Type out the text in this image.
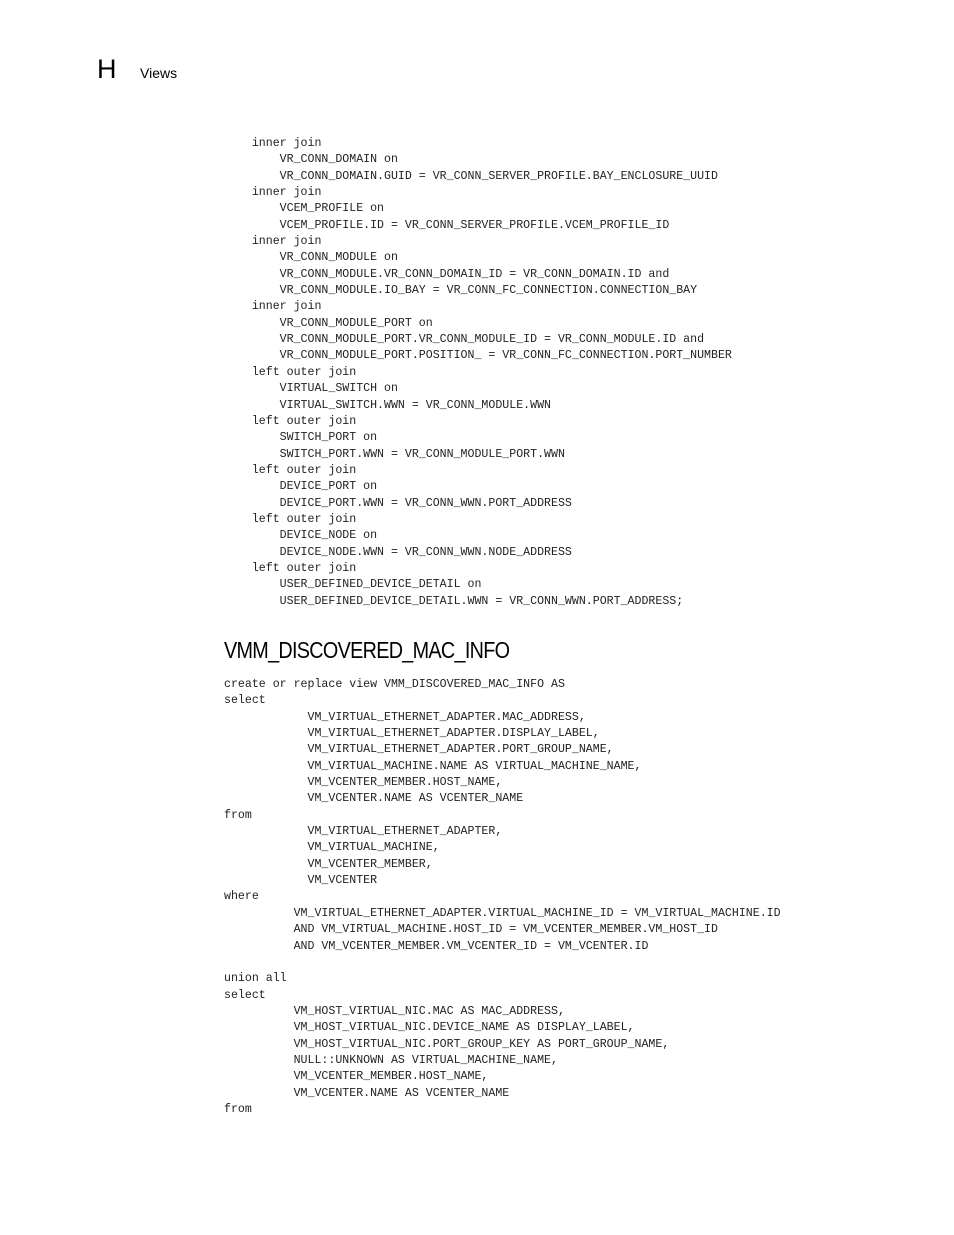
H Views
inner join
VR_CONN_DOMAIN on
VR_CONN_DOMAIN.GUID = VR_CONN_SERVER_PROFILE.BAY_ENCLOSURE_UUID
inner join
VCEM_PROFILE on
VCEM_PROFILE.ID = VR_CONN_SERVER_PROFILE.VCEM_PROFILE_ID
inner join
VR_CONN_MODULE on
VR_CONN_MODULE.VR_CONN_DOMAIN_ID = VR_CONN_DOMAIN.ID and
VR_CONN_MODULE.IO_BAY = VR_CONN_FC_CONNECTION.CONNECTION_BAY
inner join
VR_CONN_MODULE_PORT on
VR_CONN_MODULE_PORT.VR_CONN_MODULE_ID = VR_CONN_MODULE.ID and
VR_CONN_MODULE_PORT.POSITION_ = VR_CONN_FC_CONNECTION.PORT_NUMBER
left outer join
VIRTUAL_SWITCH on
VIRTUAL_SWITCH.WWN = VR_CONN_MODULE.WWN
left outer join
SWITCH_PORT on
SWITCH_PORT.WWN = VR_CONN_MODULE_PORT.WWN
left outer join
DEVICE_PORT on
DEVICE_PORT.WWN = VR_CONN_WWN.PORT_ADDRESS
left outer join
DEVICE_NODE on
DEVICE_NODE.WWN = VR_CONN_WWN.NODE_ADDRESS
left outer join
USER_DEFINED_DEVICE_DETAIL on
USER_DEFINED_DEVICE_DETAIL.WWN = VR_CONN_WWN.PORT_ADDRESS;
VMM_DISCOVERED_MAC_INFO
create or replace view VMM_DISCOVERED_MAC_INFO AS
select
VM_VIRTUAL_ETHERNET_ADAPTER.MAC_ADDRESS,
VM_VIRTUAL_ETHERNET_ADAPTER.DISPLAY_LABEL,
VM_VIRTUAL_ETHERNET_ADAPTER.PORT_GROUP_NAME,
VM_VIRTUAL_MACHINE.NAME AS VIRTUAL_MACHINE_NAME,
VM_VCENTER_MEMBER.HOST_NAME,
VM_VCENTER.NAME AS VCENTER_NAME
from
VM_VIRTUAL_ETHERNET_ADAPTER,
VM_VIRTUAL_MACHINE,
VM_VCENTER_MEMBER,
VM_VCENTER
where
VM_VIRTUAL_ETHERNET_ADAPTER.VIRTUAL_MACHINE_ID = VM_VIRTUAL_MACHINE.ID
AND VM_VIRTUAL_MACHINE.HOST_ID = VM_VCENTER_MEMBER.VM_HOST_ID
AND VM_VCENTER_MEMBER.VM_VCENTER_ID = VM_VCENTER.ID
union all
select
VM_HOST_VIRTUAL_NIC.MAC AS MAC_ADDRESS,
VM_HOST_VIRTUAL_NIC.DEVICE_NAME AS DISPLAY_LABEL,
VM_HOST_VIRTUAL_NIC.PORT_GROUP_KEY AS PORT_GROUP_NAME,
NULL::UNKNOWN AS VIRTUAL_MACHINE_NAME,
VM_VCENTER_MEMBER.HOST_NAME,
VM_VCENTER.NAME AS VCENTER_NAME
from
